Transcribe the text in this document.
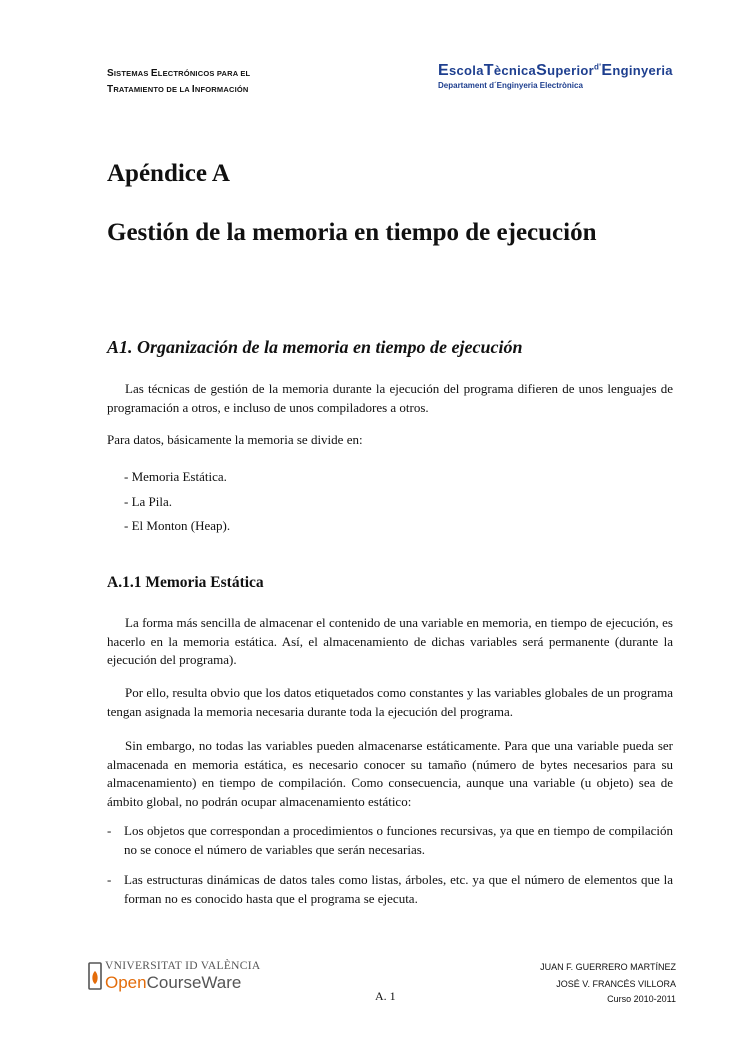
SISTEMAS ELECTRÓNICOS PARA EL
TRATAMIENTO DE LA INFORMACIÓN
EscolaTècnicaSuperior$^{d'}$Enginyeria
Departament d´Enginyeria Electrònica
Apéndice A
Gestión de la memoria en tiempo de ejecución
A1. Organización de la memoria en tiempo de ejecución

Las técnicas de gestión de la memoria durante la ejecución del programa difieren de unos lenguajes de programación a otros, e incluso de unos compiladores a otros.

Para datos, básicamente la memoria se divide en:

- Memoria Estática.

- La Pila.

- El Monton (Heap).

A.1.1 Memoria Estática

La forma más sencilla de almacenar el contenido de una variable en memoria, en tiempo de ejecución, es hacerlo en la memoria estática. Así, el almacenamiento de dichas variables será permanente (durante la ejecución del programa).

Por ello, resulta obvio que los datos etiquetados como constantes y las variables globales de un programa tengan asignada la memoria necesaria durante toda la ejecución del programa.

Sin embargo, no todas las variables pueden almacenarse estáticamente. Para que una variable pueda ser almacenada en memoria estática, es necesario conocer su tamaño (número de bytes necesarios para su almacenamiento) en tiempo de compilación. Como consecuencia, aunque una variable (u objeto) sea de ámbito global, no podrán ocupar almacenamiento estático:

- Los objetos que correspondan a procedimientos o funciones recursivas, ya que en tiempo de compilación no se conoce el número de variables que serán necesarias.
- Las estructuras dinámicas de datos tales como listas, árboles, etc. ya que el número de elementos que la forman no es conocido hasta que el programa se ejecuta.
VNIVERSITAT ID VALÈNCIA
OpenCourseWare
A. 1
JUAN F. GUERRERO MARTÍNEZ
JOSÉ V. FRANCÉS VILLORA
Curso 2010-2011
